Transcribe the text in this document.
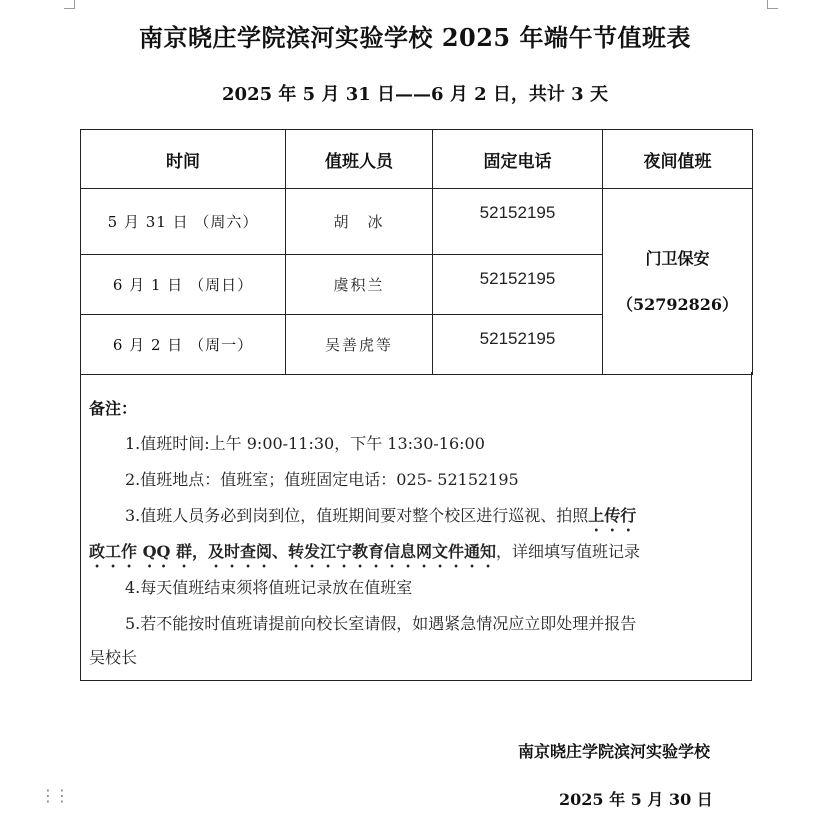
南京晓庄学院滨河实验学校 2025 年端午节值班表
2025 年 5 月 31 日——6 月 2 日，共计 3 天
时间	值班人员	固定电话	夜间值班
5 月 31 日 （周六）	胡　冰	52152195	门卫保安
（52792826）

6 月 1 日 （周日）	虞积兰	52152195	
6 月 2 日 （周一）	吴善虎等	52152195	
备注：
1.值班时间:上午 9:00-11:30，下午 13:30-16:00
2.值班地点：值班室；值班固定电话：025- 52152195
3.值班人员务必到岗到位，值班期间要对整个校区进行巡视、拍照上传行
政工作 QQ 群，及时查阅、转发江宁教育信息网文件通知，详细填写值班记录
4.每天值班结束须将值班记录放在值班室
5.若不能按时值班请提前向校长室请假，如遇紧急情况应立即处理并报告
吴校长
南京晓庄学院滨河实验学校
2025 年 5 月 30 日
⋮⋮
